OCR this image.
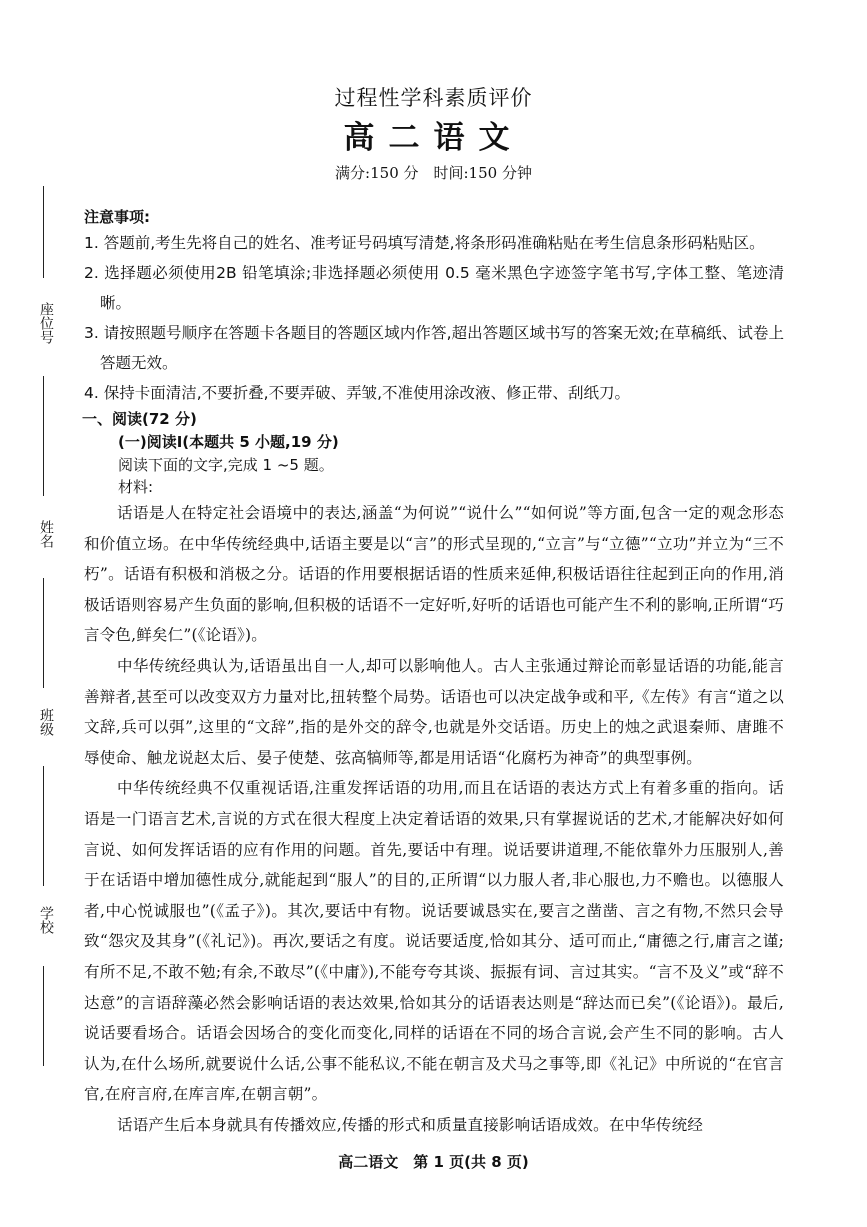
过程性学科素质评价
高二语文
满分:150 分　时间:150 分钟
座位号
姓名
班级
学校
注意事项:
1. 答题前,考生先将自己的姓名、准考证号码填写清楚,将条形码准确粘贴在考生信息条形码粘贴区。
2. 选择题必须使用2B 铅笔填涂;非选择题必须使用 0.5 毫米黑色字迹签字笔书写,字体工整、笔迹清晰。
3. 请按照题号顺序在答题卡各题目的答题区域内作答,超出答题区域书写的答案无效;在草稿纸、试卷上答题无效。
4. 保持卡面清洁,不要折叠,不要弄破、弄皱,不准使用涂改液、修正带、刮纸刀。
一、阅读(72 分)
(一)阅读Ⅰ(本题共 5 小题,19 分)
阅读下面的文字,完成 1 ~5 题。
材料:

话语是人在特定社会语境中的表达,涵盖“为何说”“说什么”“如何说”等方面,包含一定的观念形态和价值立场。在中华传统经典中,话语主要是以“言”的形式呈现的,“立言”与“立德”“立功”并立为“三不朽”。话语有积极和消极之分。话语的作用要根据话语的性质来延伸,积极话语往往起到正向的作用,消极话语则容易产生负面的影响,但积极的话语不一定好听,好听的话语也可能产生不利的影响,正所谓“巧言令色,鲜矣仁”(《论语》)。

中华传统经典认为,话语虽出自一人,却可以影响他人。古人主张通过辩论而彰显话语的功能,能言善辩者,甚至可以改变双方力量对比,扭转整个局势。话语也可以决定战争或和平,《左传》有言“道之以文辞,兵可以弭”,这里的“文辞”,指的是外交的辞令,也就是外交话语。历史上的烛之武退秦师、唐雎不辱使命、触龙说赵太后、晏子使楚、弦高犒师等,都是用话语“化腐朽为神奇”的典型事例。

中华传统经典不仅重视话语,注重发挥话语的功用,而且在话语的表达方式上有着多重的指向。话语是一门语言艺术,言说的方式在很大程度上决定着话语的效果,只有掌握说话的艺术,才能解决好如何言说、如何发挥话语的应有作用的问题。首先,要话中有理。说话要讲道理,不能依靠外力压服别人,善于在话语中增加德性成分,就能起到“服人”的目的,正所谓“以力服人者,非心服也,力不赡也。以德服人者,中心悦诚服也”(《孟子》)。其次,要话中有物。说话要诚恳实在,要言之凿凿、言之有物,不然只会导致“怨灾及其身”(《礼记》)。再次,要话之有度。说话要适度,恰如其分、适可而止,“庸德之行,庸言之谨;有所不足,不敢不勉;有余,不敢尽”(《中庸》),不能夸夸其谈、振振有词、言过其实。“言不及义”或“辞不达意”的言语辞藻必然会影响话语的表达效果,恰如其分的话语表达则是“辞达而已矣”(《论语》)。最后,说话要看场合。话语会因场合的变化而变化,同样的话语在不同的场合言说,会产生不同的影响。古人认为,在什么场所,就要说什么话,公事不能私议,不能在朝言及犬马之事等,即《礼记》中所说的“在官言官,在府言府,在库言库,在朝言朝”。

话语产生后本身就具有传播效应,传播的形式和质量直接影响话语成效。在中华传统经

高二语文　第 1 页(共 8 页)
